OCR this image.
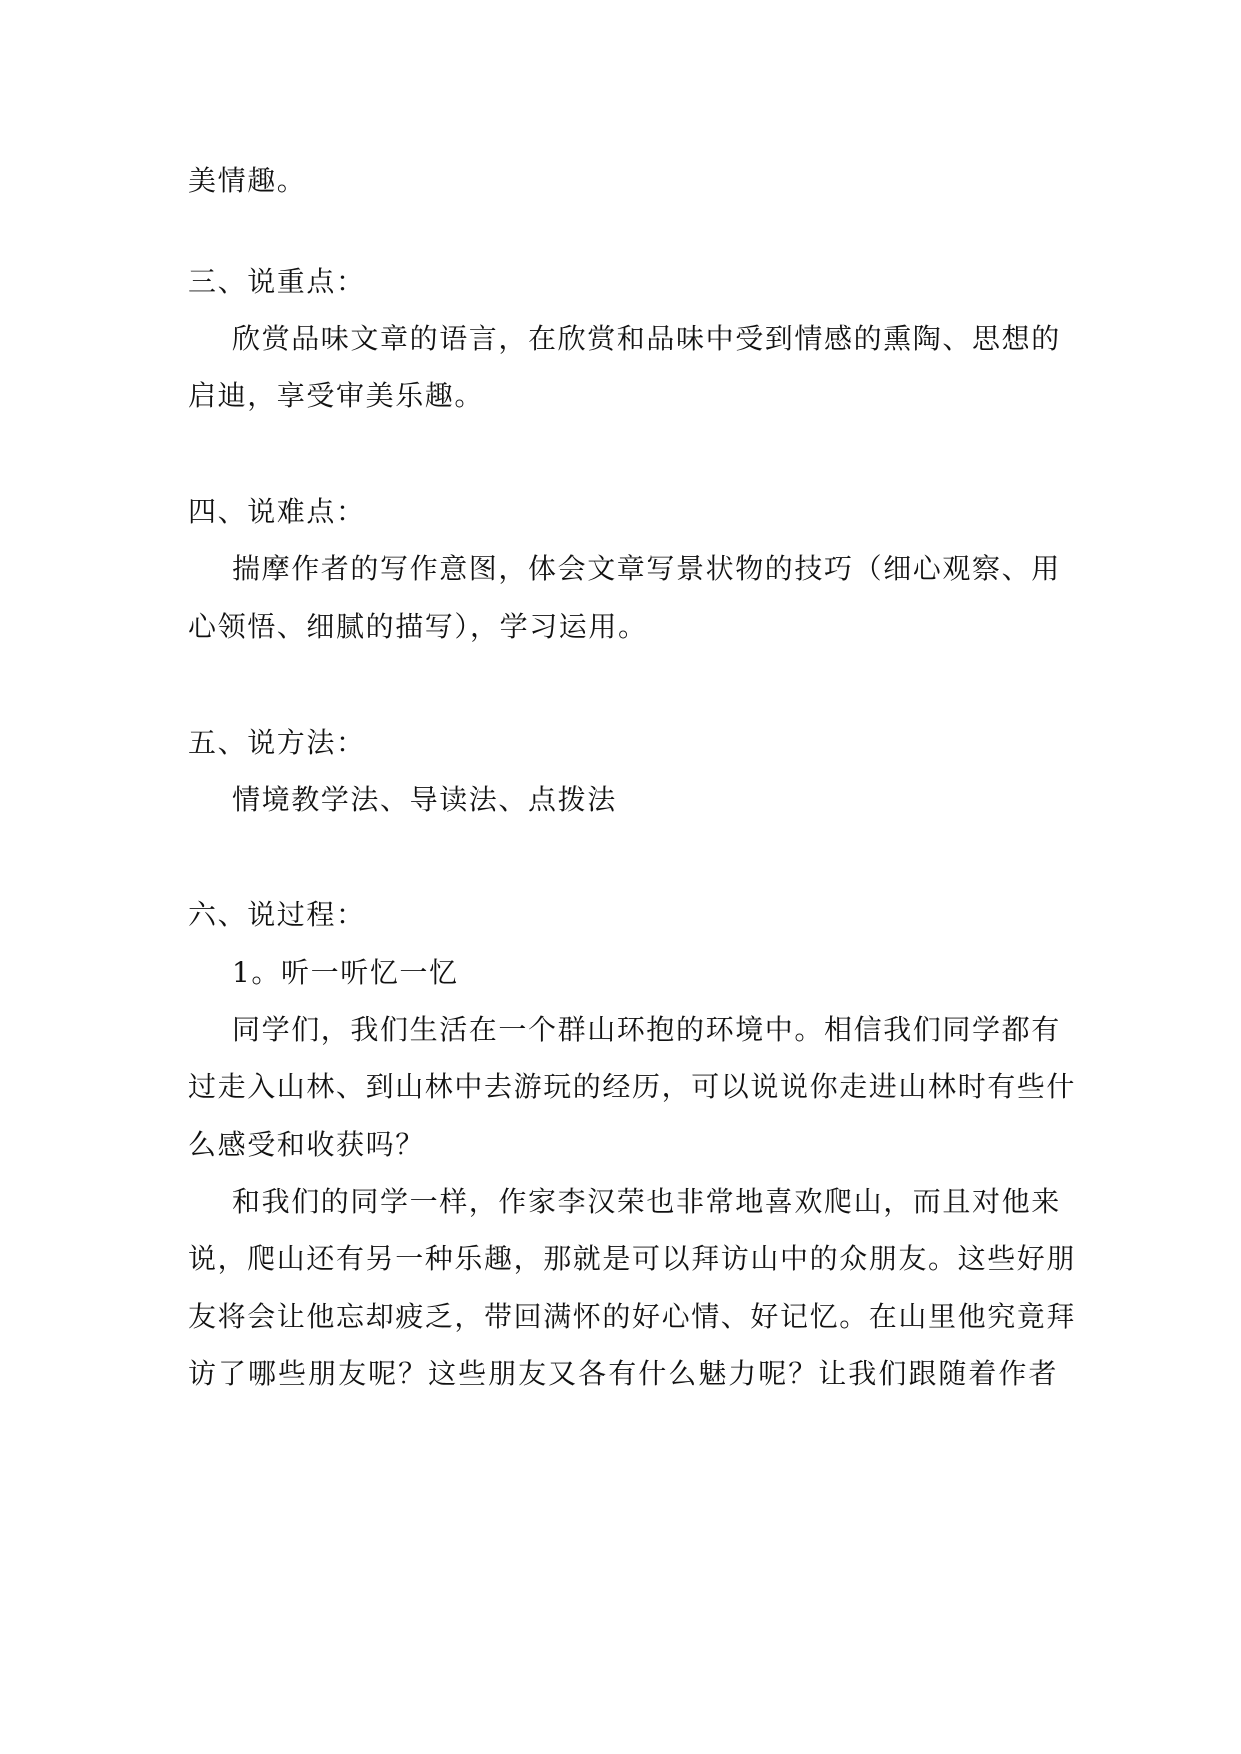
美情趣。
三、说重点：
欣赏品味文章的语言，在欣赏和品味中受到情感的熏陶、思想的
启迪，享受审美乐趣。
四、说难点：
揣摩作者的写作意图，体会文章写景状物的技巧（细心观察、用
心领悟、细腻的描写），学习运用。
五、说方法：
情境教学法、导读法、点拨法
六、说过程：
1。听一听忆一忆
同学们，我们生活在一个群山环抱的环境中。相信我们同学都有
过走入山林、到山林中去游玩的经历，可以说说你走进山林时有些什
么感受和收获吗？
和我们的同学一样，作家李汉荣也非常地喜欢爬山，而且对他来
说，爬山还有另一种乐趣，那就是可以拜访山中的众朋友。这些好朋
友将会让他忘却疲乏，带回满怀的好心情、好记忆。在山里他究竟拜
访了哪些朋友呢？这些朋友又各有什么魅力呢？让我们跟随着作者
